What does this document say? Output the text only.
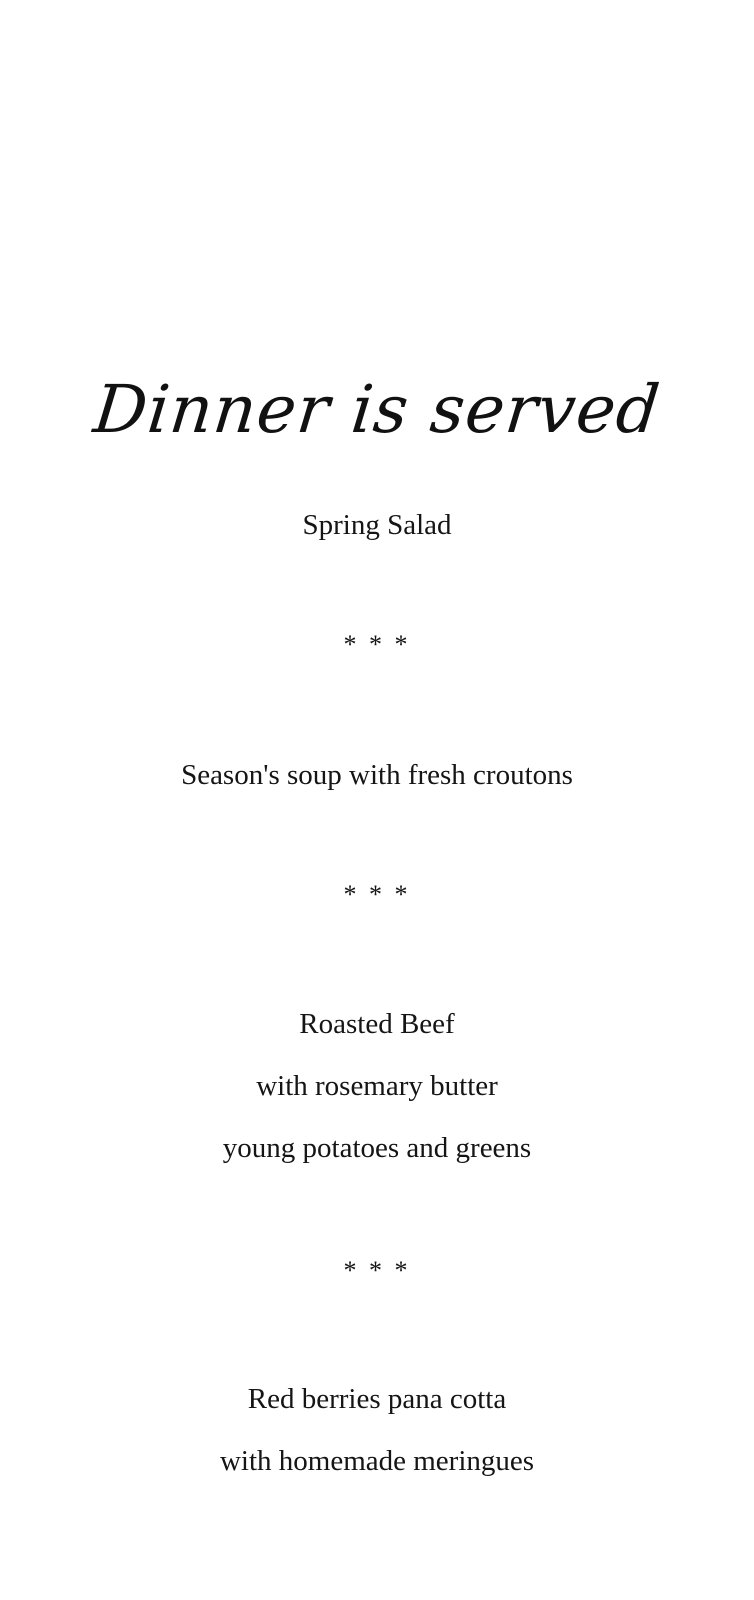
Dinner is served
Spring Salad
* * *
Season's soup with fresh croutons
* * *
Roasted Beef
with rosemary butter
young potatoes and greens
* * *
Red berries pana cotta
with homemade meringues
